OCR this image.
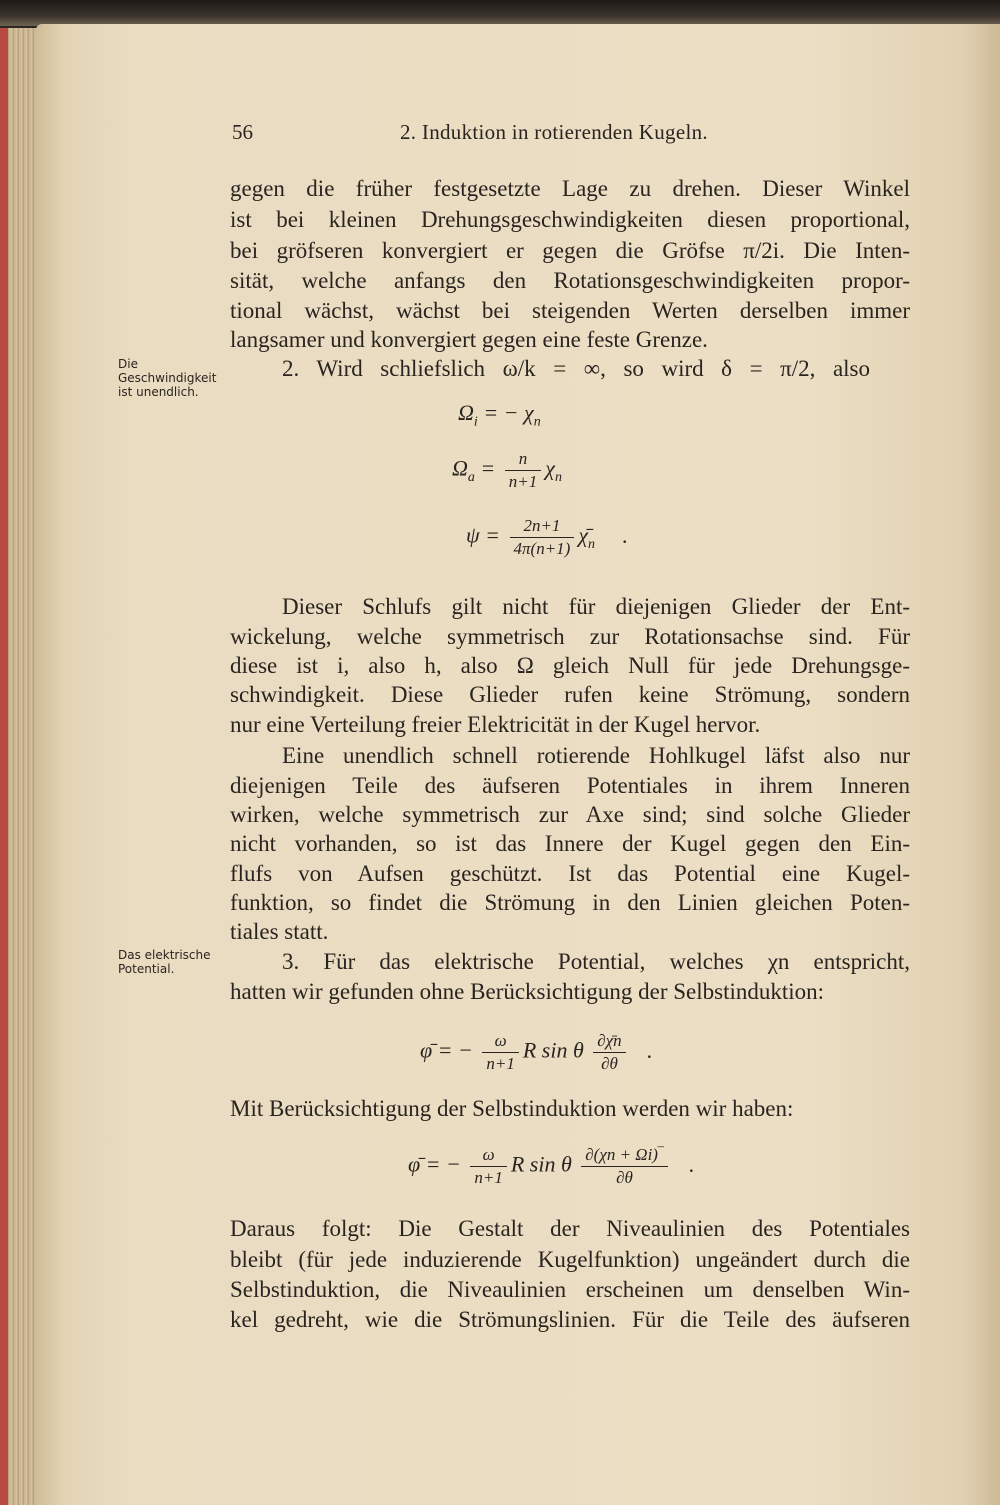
56	2. Induktion in rotierenden Kugeln.
Die Geschwindigkeit ist unendlich.
Das elektrische Potential.
gegen die früher festgesetzte Lage zu drehen. Dieser Winkel
ist bei kleinen Drehungsgeschwindigkeiten diesen proportional,
bei gröfseren konvergiert er gegen die Gröfse π/2i. Die Inten-
sität, welche anfangs den Rotationsgeschwindigkeiten propor-
tional wächst, wächst bei steigenden Werten derselben immer
langsamer und konvergiert gegen eine feste Grenze.
2. Wird schliefslich ω/k = ∞, so wird δ = π/2, also
$\Omega_i$ = − $\chi_n$
$\Omega_a = \frac{n}{n+1} \chi_n$
$\psi = \frac{2n+1}{4\pi(n+1)}$ $\chī_n$ .
Dieser Schlufs gilt nicht für diejenigen Glieder der Ent-
wickelung, welche symmetrisch zur Rotationsachse sind. Für
diese ist i, also h, also Ω gleich Null für jede Drehungsge-
schwindigkeit. Diese Glieder rufen keine Strömung, sondern
nur eine Verteilung freier Elektricität in der Kugel hervor.
Eine unendlich schnell rotierende Hohlkugel läfst also nur
diejenigen Teile des äufseren Potentiales in ihrem Inneren
wirken, welche symmetrisch zur Axe sind; sind solche Glieder
nicht vorhanden, so ist das Innere der Kugel gegen den Ein-
flufs von Aufsen geschützt. Ist das Potential eine Kugel-
funktion, so findet die Strömung in den Linien gleichen Poten-
tiales statt.
3. Für das elektrische Potential, welches χn entspricht,
hatten wir gefunden ohne Berücksichtigung der Selbstinduktion:
φ̄ = − $\frac{\omega}{n+1}$ R sin θ $\frac{\partial\chīn}{\partial\theta}$ .
Mit Berücksichtigung der Selbstinduktion werden wir haben:
φ̄ = − $\frac{\omega}{n+1}$ R sin θ $\frac{\partial(\chi n + \Omega i)‾}{\partial\theta}$ .
Daraus folgt: Die Gestalt der Niveaulinien des Potentiales
bleibt (für jede induzierende Kugelfunktion) ungeändert durch die
Selbstinduktion, die Niveaulinien erscheinen um denselben Win-
kel gedreht, wie die Strömungslinien. Für die Teile des äufseren
